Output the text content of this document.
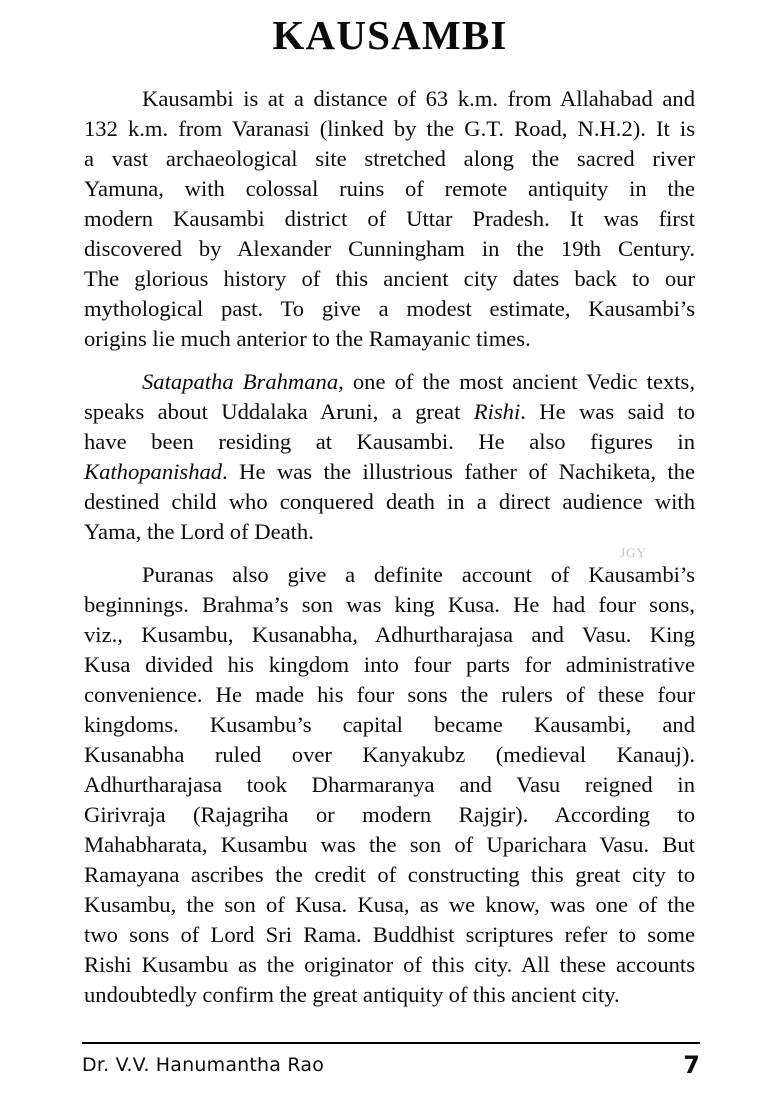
KAUSAMBI
Kausambi is at a distance of 63 k.m. from Allahabad and
132 k.m. from Varanasi (linked by the G.T. Road, N.H.2). It is
a vast archaeological site stretched along the sacred river
Yamuna, with colossal ruins of remote antiquity in the
modern Kausambi district of Uttar Pradesh. It was first
discovered by Alexander Cunningham in the 19th Century.
The glorious history of this ancient city dates back to our
mythological past. To give a modest estimate, Kausambi’s
origins lie much anterior to the Ramayanic times.
Satapatha Brahmana, one of the most ancient Vedic texts,
speaks about Uddalaka Aruni, a great Rishi. He was said to
have been residing at Kausambi. He also figures in
Kathopanishad. He was the illustrious father of Nachiketa, the
destined child who conquered death in a direct audience with
Yama, the Lord of Death.
Puranas also give a definite account of Kausambi’s
beginnings. Brahma’s son was king Kusa. He had four sons,
viz., Kusambu, Kusanabha, Adhurtharajasa and Vasu. King
Kusa divided his kingdom into four parts for administrative
convenience. He made his four sons the rulers of these four
kingdoms. Kusambu’s capital became Kausambi, and
Kusanabha ruled over Kanyakubz (medieval Kanauj).
Adhurtharajasa took Dharmaranya and Vasu reigned in
Girivraja (Rajagriha or modern Rajgir). According to
Mahabharata, Kusambu was the son of Uparichara Vasu. But
Ramayana ascribes the credit of constructing this great city to
Kusambu, the son of Kusa. Kusa, as we know, was one of the
two sons of Lord Sri Rama. Buddhist scriptures refer to some
Rishi Kusambu as the originator of this city. All these accounts
undoubtedly confirm the great antiquity of this ancient city.
JGY
Dr. V.V. Hanumantha Rao	7
